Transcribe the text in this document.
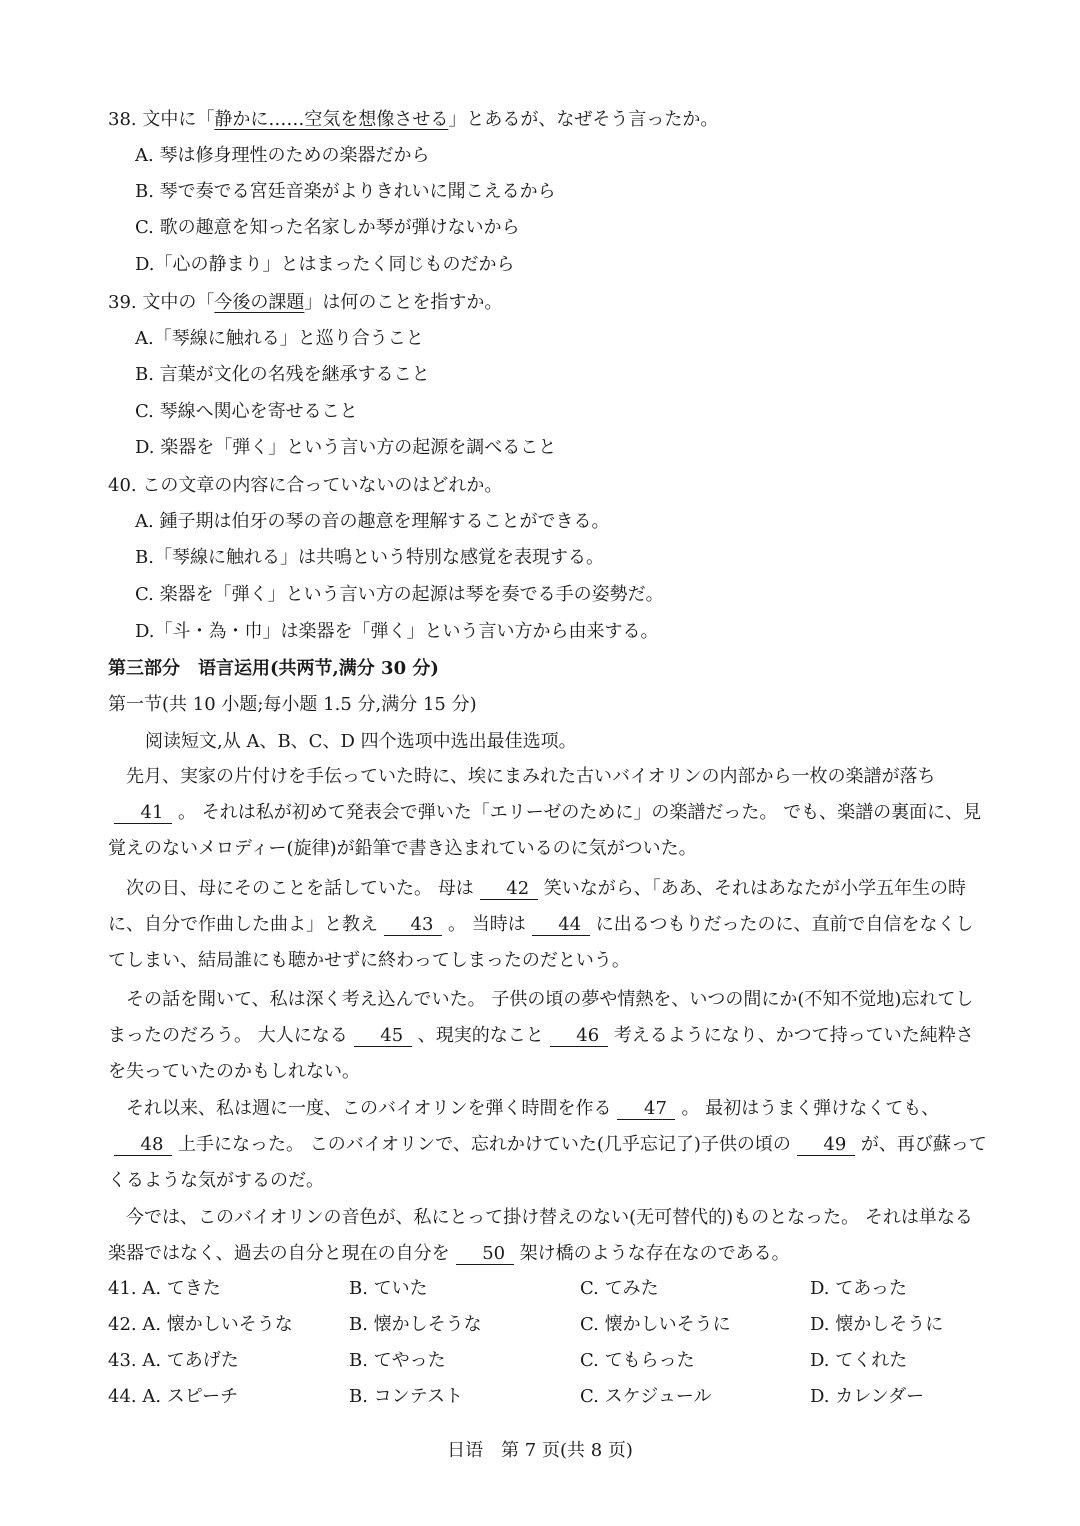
38. 文中に「静かに……空気を想像させる」とあるが、なぜそう言ったか。
A. 琴は修身理性のための楽器だから
B. 琴で奏でる宮廷音楽がよりきれいに聞こえるから
C. 歌の趣意を知った名家しか琴が弾けないから
D.「心の静まり」とはまったく同じものだから
39. 文中の「今後の課題」は何のことを指すか。
A.「琴線に触れる」と巡り合うこと
B. 言葉が文化の名残を継承すること
C. 琴線へ関心を寄せること
D. 楽器を「弾く」という言い方の起源を調べること
40. この文章の内容に合っていないのはどれか。
A. 鍾子期は伯牙の琴の音の趣意を理解することができる。
B.「琴線に触れる」は共鳴という特別な感覚を表現する。
C. 楽器を「弾く」という言い方の起源は琴を奏でる手の姿勢だ。
D.「斗・為・巾」は楽器を「弾く」という言い方から由来する。
第三部分　语言运用(共两节,满分 30 分)
第一节(共 10 小题;每小题 1.5 分,满分 15 分)
阅读短文,从 A、B、C、D 四个选项中选出最佳选项。
先月、実家の片付けを手伝っていた時に、埃にまみれた古いバイオリンの内部から一枚の楽譜が落ち41 。 それは私が初めて発表会で弾いた「エリーゼのために」の楽譜だった。 でも、楽譜の裏面に、見覚えのないメロディー(旋律)が鉛筆で書き込まれているのに気がついた。
次の日、母にそのことを話していた。 母は 42 笑いながら、「ああ、それはあなたが小学五年生の時に、自分で作曲した曲よ」と教え 43 。 当時は 44 に出るつもりだったのに、直前で自信をなくしてしまい、結局誰にも聴かせずに終わってしまったのだという。
その話を聞いて、私は深く考え込んでいた。 子供の頃の夢や情熱を、いつの間にか(不知不觉地)忘れてしまったのだろう。 大人になる 45 、現実的なこと 46 考えるようになり、かつて持っていた純粋さを失っていたのかもしれない。
それ以来、私は週に一度、このバイオリンを弾く時間を作る 47 。 最初はうまく弾けなくても、48 上手になった。 このバイオリンで、忘れかけていた(几乎忘记了)子供の頃の 49 が、再び蘇ってくるような気がするのだ。
今では、このバイオリンの音色が、私にとって掛け替えのない(无可替代的)ものとなった。 それは単なる楽器ではなく、過去の自分と現在の自分を 50 架け橋のような存在なのである。
41. A. てきた	B. ていた	C. てみた	D. てあった
42. A. 懐かしいそうな	B. 懐かしそうな	C. 懐かしいそうに	D. 懐かしそうに
43. A. てあげた	B. てやった	C. てもらった	D. てくれた
44. A. スピーチ	B. コンテスト	C. スケジュール	D. カレンダー
日语　第 7 页(共 8 页)
